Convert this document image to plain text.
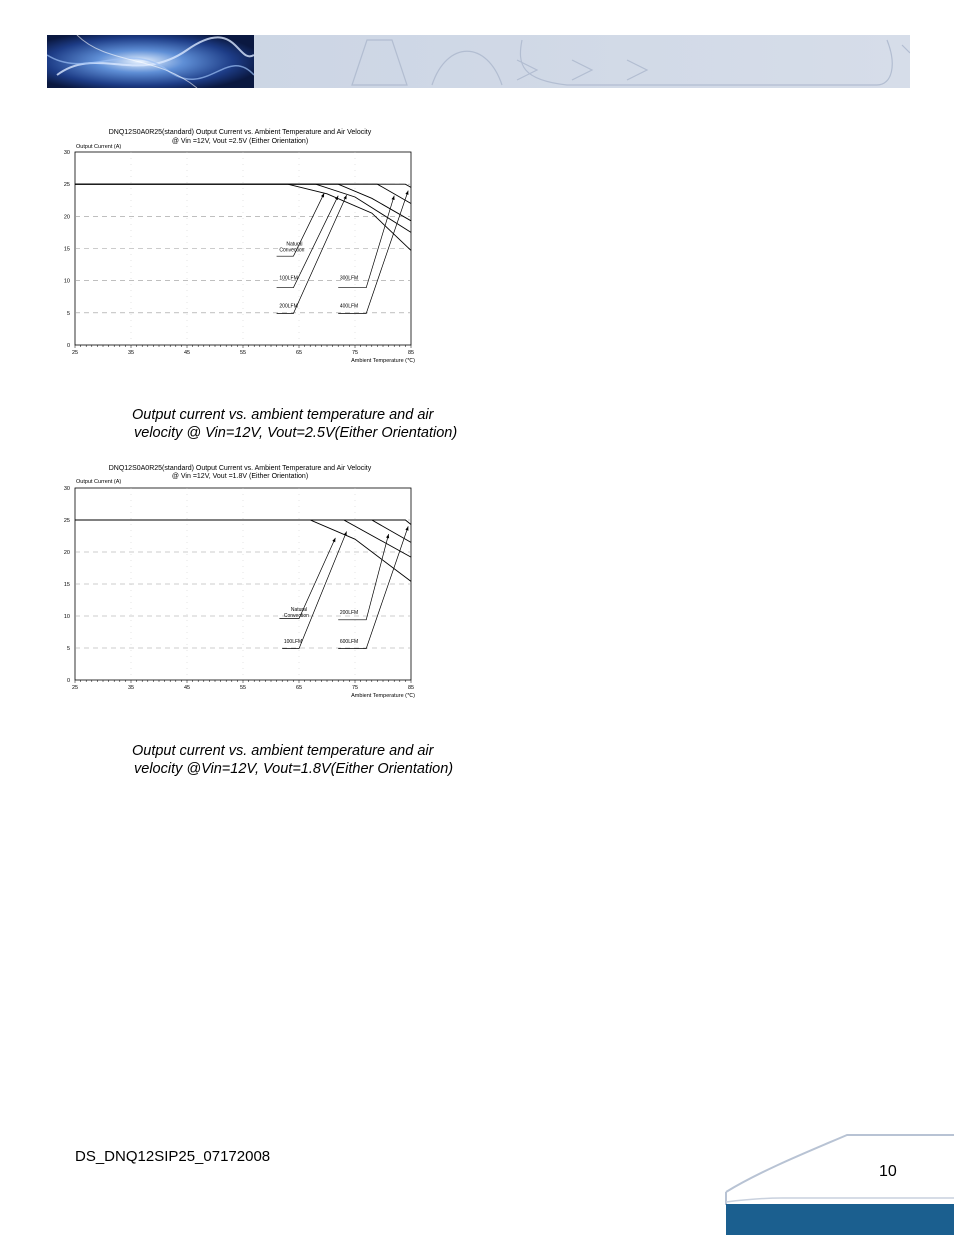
DNQ12S0A0R25(standard) Output Current vs. Ambient Temperature and Air Velocity
@ Vin =12V, Vout =2.5V (Either Orientation)
Output Current (A)
Ambient Temperature (℃)
0
5
10
15
20
25
30
25	35	45	55	65	75	85
Natural
Convection
100LFM
200LFM
300LFM
400LFM
Output current vs. ambient temperature and air
velocity @ Vin=12V, Vout=2.5V(Either Orientation)
DNQ12S0A0R25(standard) Output Current vs. Ambient Temperature and Air Velocity
@ Vin =12V, Vout =1.8V (Either Orientation)
Output Current (A)
Ambient Temperature (℃)
0
5
10
15
20
25
30
25	35	45	55	65	75	85
Natural
Convection
100LFM
200LFM
600LFM
Output current vs. ambient temperature and air
velocity @Vin=12V, Vout=1.8V(Either Orientation)
DS_DNQ12SIP25_07172008
10
